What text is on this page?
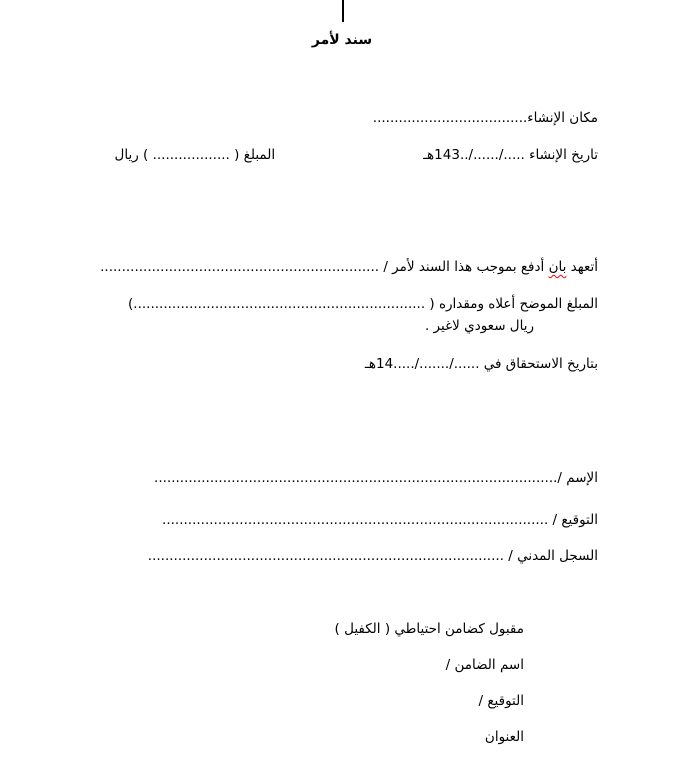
سند لأمر
مكان الإنشاء....................................
تاريخ الإنشاء ...../....../..143هـالمبلغ ( .................. ) ريال
أتعهد بان أدفع بموجب هذا السند لأمر / .................................................................
المبلغ الموضح أعلاه ومقداره ( ....................................................................)
ريال سعودي لاغير .
بتاريخ الاستحقاق في ....../......./.....14هـ
الإسم /..............................................................................................
التوقيع / ..........................................................................................
السجل المدني / ...................................................................................
مقبول كضامن احتياطي ( الكفيل )
اسم الضامن /
التوقيع /
العنوان
